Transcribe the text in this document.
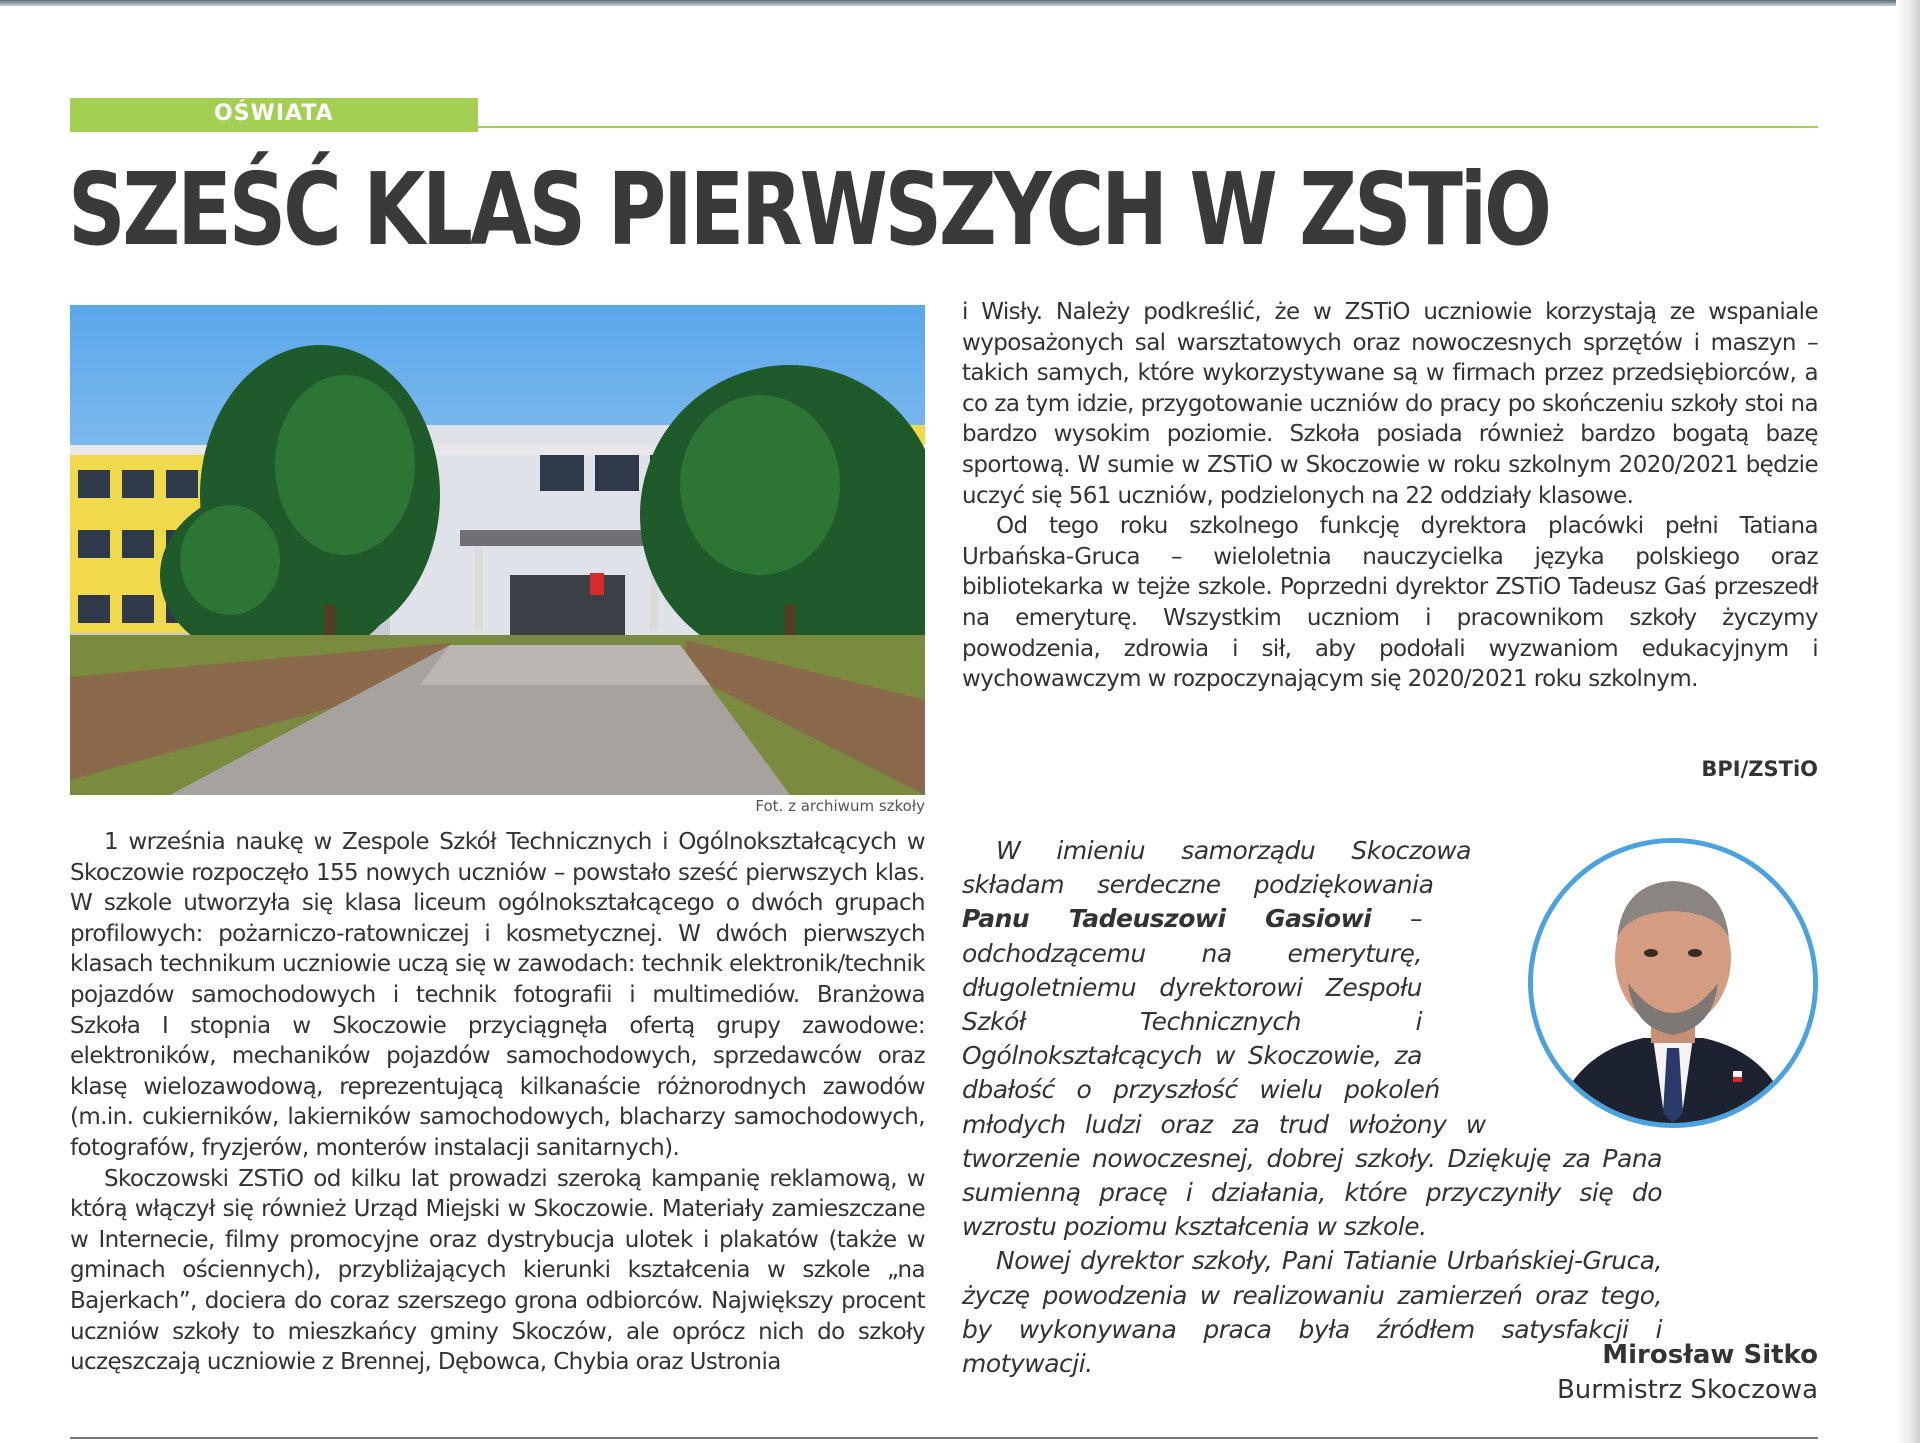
OŚWIATA
SZEŚĆ KLAS PIERWSZYCH W ZSTiO
Fot. z archiwum szkoły

1 września naukę w Zespole Szkół Technicznych i Ogólnokształcących w Skoczowie rozpoczęło 155 nowych uczniów – powstało sześć pierwszych klas. W szkole utworzyła się klasa liceum ogólnokształcącego o dwóch grupach profilowych: pożarniczo-ratowniczej i kosmetycznej. W dwóch pierwszych klasach technikum uczniowie uczą się w zawodach: technik elektronik/technik pojazdów samochodowych i technik fotografii i multimediów. Branżowa Szkoła I stopnia w Skoczowie przyciągnęła ofertą grupy zawodowe: elektroników, mechaników pojazdów samochodowych, sprzedawców oraz klasę wielozawodową, reprezentującą kilkanaście różnorodnych zawodów (m.in. cukierników, lakierników samochodowych, blacharzy samochodowych, fotografów, fryzjerów, monterów instalacji sanitarnych).

Skoczowski ZSTiO od kilku lat prowadzi szeroką kampanię reklamową, w którą włączył się również Urząd Miejski w Skoczowie. Materiały zamieszczane w Internecie, filmy promocyjne oraz dystrybucja ulotek i plakatów (także w gminach ościennych), przybliżających kierunki kształcenia w szkole „na Bajerkach”, dociera do coraz szerszego grona odbiorców. Największy procent uczniów szkoły to mieszkańcy gminy Skoczów, ale oprócz nich do szkoły uczęszczają uczniowie z Brennej, Dębowca, Chybia oraz Ustronia

i Wisły. Należy podkreślić, że w ZSTiO uczniowie korzystają ze wspaniale wyposażonych sal warsztatowych oraz nowoczesnych sprzętów i maszyn – takich samych, które wykorzystywane są w firmach przez przedsiębiorców, a co za tym idzie, przygotowanie uczniów do pracy po skończeniu szkoły stoi na bardzo wysokim poziomie. Szkoła posiada również bardzo bogatą bazę sportową. W sumie w ZSTiO w Skoczowie w roku szkolnym 2020/2021 będzie uczyć się 561 uczniów, podzielonych na 22 oddziały klasowe.

Od tego roku szkolnego funkcję dyrektora placówki pełni Tatiana Urbańska-Gruca – wieloletnia nauczycielka języka polskiego oraz bibliotekarka w tejże szkole. Poprzedni dyrektor ZSTiO Tadeusz Gaś przeszedł na emeryturę. Wszystkim uczniom i pracownikom szkoły życzymy powodzenia, zdrowia i sił, aby podołali wyzwaniom edukacyjnym i wychowawczym w rozpoczynającym się 2020/2021 roku szkolnym.

BPI/ZSTiO

W imieniu samorządu Skoczowa składam serdeczne podziękowania Panu Tadeuszowi Gasiowi – odchodzącemu na emeryturę, długoletniemu dyrektorowi Zespołu Szkół Technicznych i Ogólnokształcących w Skoczowie, za dbałość o przyszłość wielu pokoleń młodych ludzi oraz za trud włożony w tworzenie nowoczesnej, dobrej szkoły. Dziękuję za Pana sumienną pracę i działania, które przyczyniły się do wzrostu poziomu kształcenia w szkole.

Nowej dyrektor szkoły, Pani Tatianie Urbańskiej-Gruca, życzę powodzenia w realizowaniu zamierzeń oraz tego, by wykonywana praca była źródłem satysfakcji i motywacji.	Mirosław Sitko
Burmistrz Skoczowa
